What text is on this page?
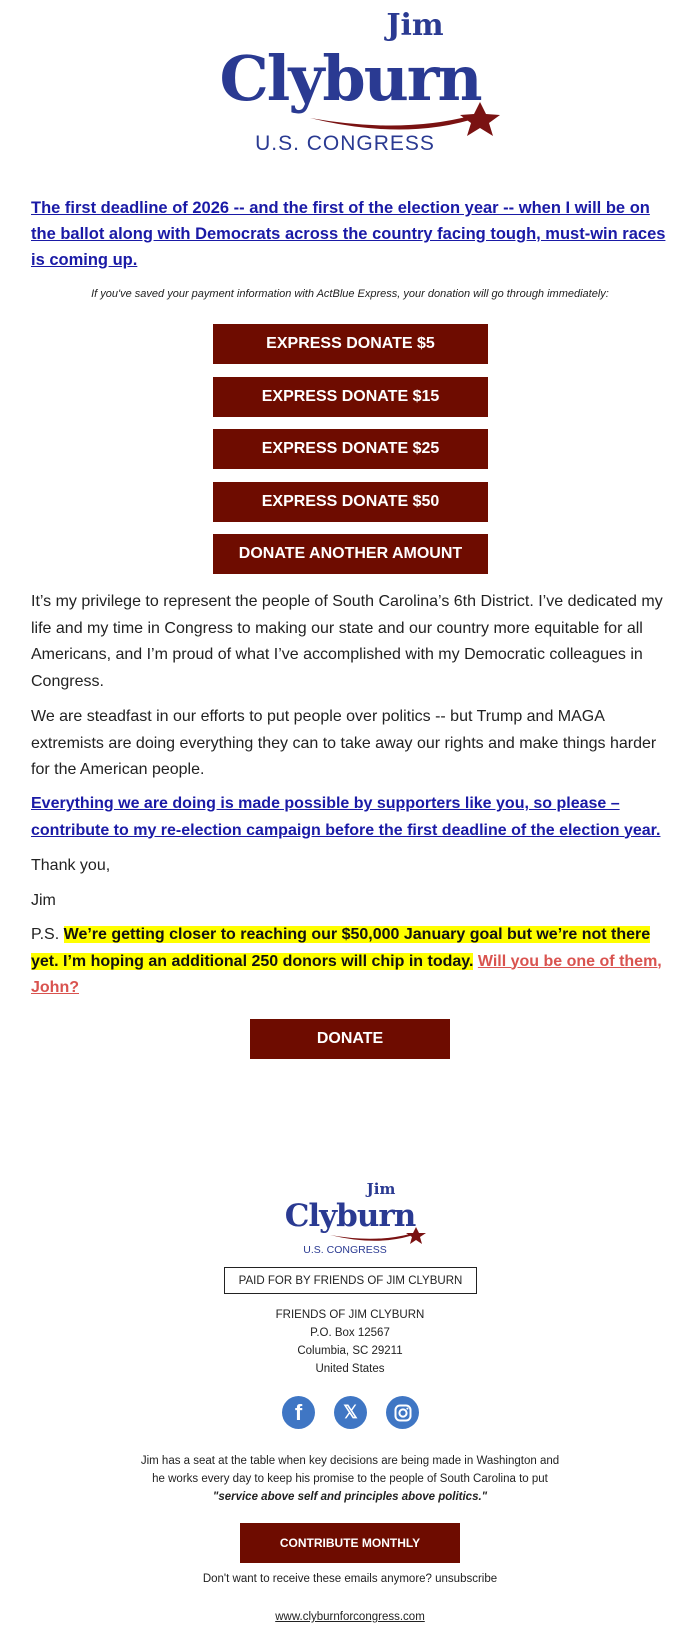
Jim
Clyburn
U.S. CONGRESS
The first deadline of 2026 -- and the first of the election year -- when I will be on the ballot along with Democrats across the country facing tough, must-win races is coming up.
If you've saved your payment information with ActBlue Express, your donation will go through immediately:
EXPRESS DONATE $5
EXPRESS DONATE $15
EXPRESS DONATE $25
EXPRESS DONATE $50
DONATE ANOTHER AMOUNT

It’s my privilege to represent the people of South Carolina’s 6th District. I’ve dedicated my life and my time in Congress to making our state and our country more equitable for all Americans, and I’m proud of what I’ve accomplished with my Democratic colleagues in Congress.

We are steadfast in our efforts to put people over politics -- but Trump and MAGA extremists are doing everything they can to take away our rights and make things harder for the American people.

Everything we are doing is made possible by supporters like you, so please – contribute to my re-election campaign before the first deadline of the election year.

Thank you,

Jim

P.S. We’re getting closer to reaching our $50,000 January goal but we’re not there yet. I’m hoping an additional 250 donors will chip in today. Will you be one of them, John?

DONATE
Jim
Clyburn
U.S. CONGRESS
PAID FOR BY FRIENDS OF JIM CLYBURN
FRIENDS OF JIM CLYBURN
P.O. Box 12567
Columbia, SC 29211
United States
f	𝕏

Jim has a seat at the table when key decisions are being made in Washington and he works every day to keep his promise to the people of South Carolina to put "service above self and principles above politics."

CONTRIBUTE MONTHLY

Don't want to receive these emails anymore? unsubscribe

www.clyburnforcongress.com
